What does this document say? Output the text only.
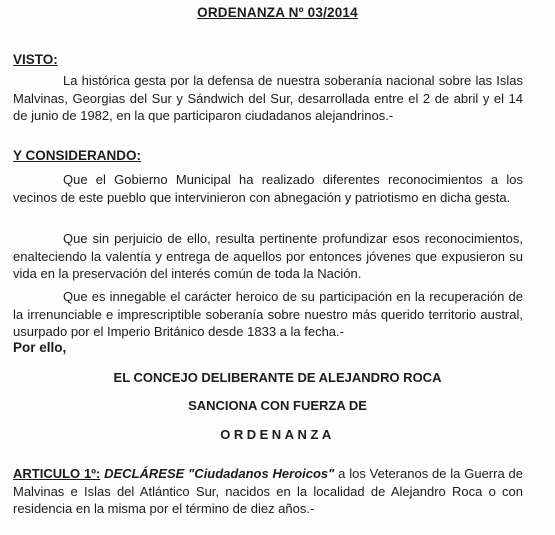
ORDENANZA Nº 03/2014

VISTO:

La histórica gesta por la defensa de nuestra soberanía nacional sobre las Islas Malvinas, Georgias del Sur y Sándwich del Sur, desarrollada entre el 2 de abril y el 14 de junio de 1982, en la que participaron ciudadanos alejandrinos.-

Y CONSIDERANDO:

Que el Gobierno Municipal ha realizado diferentes reconocimientos a los vecinos de este pueblo que intervinieron con abnegación y patriotismo en dicha gesta.

Que sin perjuicio de ello, resulta pertinente profundizar esos reconocimientos, enalteciendo la valentía y entrega de aquellos por entonces jóvenes que expusieron su vida en la preservación del interés común de toda la Nación.

Que es innegable el carácter heroico de su participación en la recuperación de la irrenunciable e imprescriptible soberanía sobre nuestro más querido territorio austral, usurpado por el Imperio Británico desde 1833 a la fecha.-

Por ello,

EL CONCEJO DELIBERANTE DE ALEJANDRO ROCA

SANCIONA CON FUERZA DE

ORDENANZA

ARTICULO 1º: DECLÁRESE "Ciudadanos Heroicos" a los Veteranos de la Guerra de Malvinas e Islas del Atlántico Sur, nacidos en la localidad de Alejandro Roca o con residencia en la misma por el término de diez años.-
